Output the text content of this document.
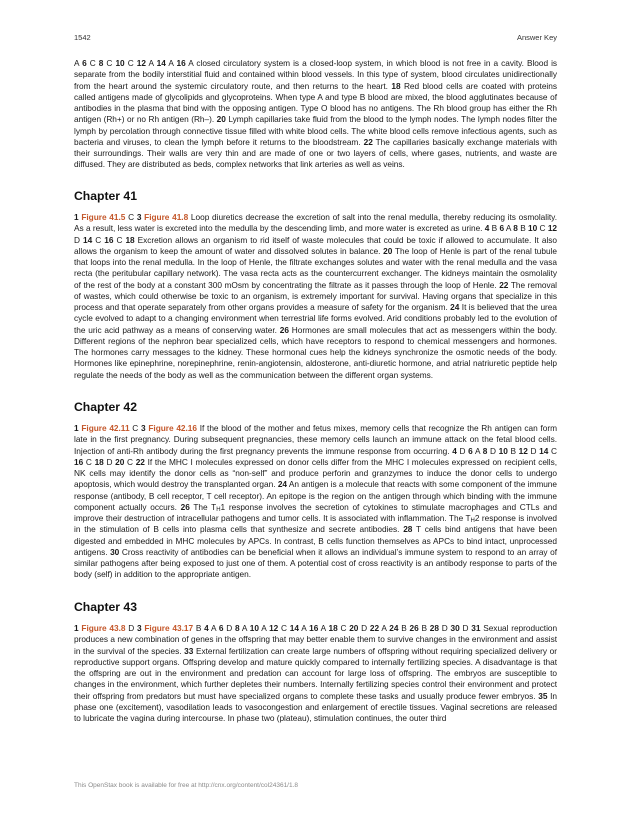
1542	Answer Key

A 6 C 8 C 10 C 12 A 14 A 16 A closed circulatory system is a closed-loop system, in which blood is not free in a cavity. Blood is separate from the bodily interstitial fluid and contained within blood vessels. In this type of system, blood circulates unidirectionally from the heart around the systemic circulatory route, and then returns to the heart. 18 Red blood cells are coated with proteins called antigens made of glycolipids and glycoproteins. When type A and type B blood are mixed, the blood agglutinates because of antibodies in the plasma that bind with the opposing antigen. Type O blood has no antigens. The Rh blood group has either the Rh antigen (Rh+) or no Rh antigen (Rh–). 20 Lymph capillaries take fluid from the blood to the lymph nodes. The lymph nodes filter the lymph by percolation through connective tissue filled with white blood cells. The white blood cells remove infectious agents, such as bacteria and viruses, to clean the lymph before it returns to the bloodstream. 22 The capillaries basically exchange materials with their surroundings. Their walls are very thin and are made of one or two layers of cells, where gases, nutrients, and waste are diffused. They are distributed as beds, complex networks that link arteries as well as veins.

Chapter 41

1 Figure 41.5 C 3 Figure 41.8 Loop diuretics decrease the excretion of salt into the renal medulla, thereby reducing its osmolality. As a result, less water is excreted into the medulla by the descending limb, and more water is excreted as urine. 4 B 6 A 8 B 10 C 12 D 14 C 16 C 18 Excretion allows an organism to rid itself of waste molecules that could be toxic if allowed to accumulate. It also allows the organism to keep the amount of water and dissolved solutes in balance. 20 The loop of Henle is part of the renal tubule that loops into the renal medulla. In the loop of Henle, the filtrate exchanges solutes and water with the renal medulla and the vasa recta (the peritubular capillary network). The vasa recta acts as the countercurrent exchanger. The kidneys maintain the osmolality of the rest of the body at a constant 300 mOsm by concentrating the filtrate as it passes through the loop of Henle. 22 The removal of wastes, which could otherwise be toxic to an organism, is extremely important for survival. Having organs that specialize in this process and that operate separately from other organs provides a measure of safety for the organism. 24 It is believed that the urea cycle evolved to adapt to a changing environment when terrestrial life forms evolved. Arid conditions probably led to the evolution of the uric acid pathway as a means of conserving water. 26 Hormones are small molecules that act as messengers within the body. Different regions of the nephron bear specialized cells, which have receptors to respond to chemical messengers and hormones. The hormones carry messages to the kidney. These hormonal cues help the kidneys synchronize the osmotic needs of the body. Hormones like epinephrine, norepinephrine, renin-angiotensin, aldosterone, anti-diuretic hormone, and atrial natriuretic peptide help regulate the needs of the body as well as the communication between the different organ systems.

Chapter 42

1 Figure 42.11 C 3 Figure 42.16 If the blood of the mother and fetus mixes, memory cells that recognize the Rh antigen can form late in the first pregnancy. During subsequent pregnancies, these memory cells launch an immune attack on the fetal blood cells. Injection of anti-Rh antibody during the first pregnancy prevents the immune response from occurring. 4 D 6 A 8 D 10 B 12 D 14 C 16 C 18 D 20 C 22 If the MHC I molecules expressed on donor cells differ from the MHC I molecules expressed on recipient cells, NK cells may identify the donor cells as “non-self” and produce perforin and granzymes to induce the donor cells to undergo apoptosis, which would destroy the transplanted organ. 24 An antigen is a molecule that reacts with some component of the immune response (antibody, B cell receptor, T cell receptor). An epitope is the region on the antigen through which binding with the immune component actually occurs. 26 The $T_H1$ response involves the secretion of cytokines to stimulate macrophages and CTLs and improve their destruction of intracellular pathogens and tumor cells. It is associated with inflammation. The $T_H2$ response is involved in the stimulation of B cells into plasma cells that synthesize and secrete antibodies. 28 T cells bind antigens that have been digested and embedded in MHC molecules by APCs. In contrast, B cells function themselves as APCs to bind intact, unprocessed antigens. 30 Cross reactivity of antibodies can be beneficial when it allows an individual’s immune system to respond to an array of similar pathogens after being exposed to just one of them. A potential cost of cross reactivity is an antibody response to parts of the body (self) in addition to the appropriate antigen.

Chapter 43

1 Figure 43.8 D 3 Figure 43.17 B 4 A 6 D 8 A 10 A 12 C 14 A 16 A 18 C 20 D 22 A 24 B 26 B 28 D 30 D 31 Sexual reproduction produces a new combination of genes in the offspring that may better enable them to survive changes in the environment and assist in the survival of the species. 33 External fertilization can create large numbers of offspring without requiring specialized delivery or reproductive support organs. Offspring develop and mature quickly compared to internally fertilizing species. A disadvantage is that the offspring are out in the environment and predation can account for large loss of offspring. The embryos are susceptible to changes in the environment, which further depletes their numbers. Internally fertilizing species control their environment and protect their offspring from predators but must have specialized organs to complete these tasks and usually produce fewer embryos. 35 In phase one (excitement), vasodilation leads to vasocongestion and enlargement of erectile tissues. Vaginal secretions are released to lubricate the vagina during intercourse. In phase two (plateau), stimulation continues, the outer third

This OpenStax book is available for free at http://cnx.org/content/col24361/1.8
